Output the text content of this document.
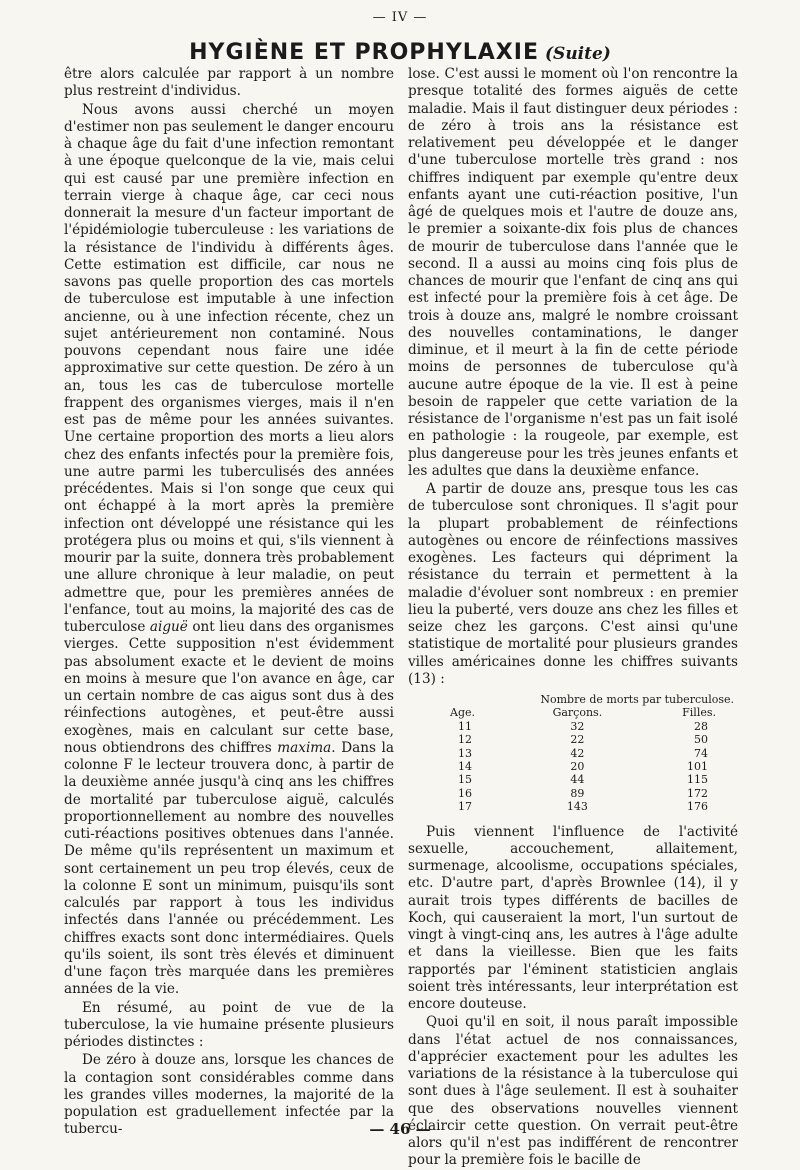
— IV —
HYGIÈNE ET PROPHYLAXIE (Suite)

être alors calculée par rapport à un nombre plus restreint d'individus.

Nous avons aussi cherché un moyen d'estimer non pas seulement le danger encouru à chaque âge du fait d'une infection remontant à une époque quelconque de la vie, mais celui qui est causé par une première infection en terrain vierge à chaque âge, car ceci nous donnerait la mesure d'un facteur important de l'épidémiologie tuberculeuse : les variations de la résistance de l'individu à différents âges. Cette estimation est difficile, car nous ne savons pas quelle proportion des cas mortels de tuberculose est imputable à une infection ancienne, ou à une infection récente, chez un sujet antérieurement non contaminé. Nous pouvons cependant nous faire une idée approximative sur cette question. De zéro à un an, tous les cas de tuberculose mortelle frappent des organismes vierges, mais il n'en est pas de même pour les années suivantes. Une certaine proportion des morts a lieu alors chez des enfants infectés pour la première fois, une autre parmi les tuberculisés des années précédentes. Mais si l'on songe que ceux qui ont échappé à la mort après la première infection ont développé une résistance qui les protégera plus ou moins et qui, s'ils viennent à mourir par la suite, donnera très probablement une allure chronique à leur maladie, on peut admettre que, pour les premières années de l'enfance, tout au moins, la majorité des cas de tuberculose aiguë ont lieu dans des organismes vierges. Cette supposition n'est évidemment pas absolument exacte et le devient de moins en moins à mesure que l'on avance en âge, car un certain nombre de cas aigus sont dus à des réinfections autogènes, et peut-être aussi exogènes, mais en calculant sur cette base, nous obtiendrons des chiffres maxima. Dans la colonne F le lecteur trouvera donc, à partir de la deuxième année jusqu'à cinq ans les chiffres de mortalité par tuberculose aiguë, calculés proportionnellement au nombre des nouvelles cuti-réactions positives obtenues dans l'année. De même qu'ils représentent un maximum et sont certainement un peu trop élevés, ceux de la colonne E sont un minimum, puisqu'ils sont calculés par rapport à tous les individus infectés dans l'année ou précédemment. Les chiffres exacts sont donc intermédiaires. Quels qu'ils soient, ils sont très élevés et diminuent d'une façon très marquée dans les premières années de la vie.

En résumé, au point de vue de la tuberculose, la vie humaine présente plusieurs périodes distinctes :

De zéro à douze ans, lorsque les chances de la contagion sont considérables comme dans les grandes villes modernes, la majorité de la population est graduellement infectée par la tubercu-

lose. C'est aussi le moment où l'on rencontre la presque totalité des formes aiguës de cette maladie. Mais il faut distinguer deux périodes : de zéro à trois ans la résistance est relativement peu développée et le danger d'une tuberculose mortelle très grand : nos chiffres indiquent par exemple qu'entre deux enfants ayant une cuti-réaction positive, l'un âgé de quelques mois et l'autre de douze ans, le premier a soixante-dix fois plus de chances de mourir de tuberculose dans l'année que le second. Il a aussi au moins cinq fois plus de chances de mourir que l'enfant de cinq ans qui est infecté pour la première fois à cet âge. De trois à douze ans, malgré le nombre croissant des nouvelles contaminations, le danger diminue, et il meurt à la fin de cette période moins de personnes de tuberculose qu'à aucune autre époque de la vie. Il est à peine besoin de rappeler que cette variation de la résistance de l'organisme n'est pas un fait isolé en pathologie : la rougeole, par exemple, est plus dangereuse pour les très jeunes enfants et les adultes que dans la deuxième enfance.

A partir de douze ans, presque tous les cas de tuberculose sont chroniques. Il s'agit pour la plupart probablement de réinfections autogènes ou encore de réinfections massives exogènes. Les facteurs qui dépriment la résistance du terrain et permettent à la maladie d'évoluer sont nombreux : en premier lieu la puberté, vers douze ans chez les filles et seize chez les garçons. C'est ainsi qu'une statistique de mortalité pour plusieurs grandes villes américaines donne les chiffres suivants (13) :

Nombre de morts par tuberculose.		
Age.	Garçons.	Filles.
11	32	28
12	22	50
13	42	74
14	20	101
15	44	115
16	89	172
17	143	176

Puis viennent l'influence de l'activité sexuelle, accouchement, allaitement, surmenage, alcoolisme, occupations spéciales, etc. D'autre part, d'après Brownlee (14), il y aurait trois types différents de bacilles de Koch, qui causeraient la mort, l'un surtout de vingt à vingt-cinq ans, les autres à l'âge adulte et dans la vieillesse. Bien que les faits rapportés par l'éminent statisticien anglais soient très intéressants, leur interprétation est encore douteuse.

Quoi qu'il en soit, il nous paraît impossible dans l'état actuel de nos connaissances, d'apprécier exactement pour les adultes les variations de la résistance à la tuberculose qui sont dues à l'âge seulement. Il est à souhaiter que des observations nouvelles viennent éclaircir cette question. On verrait peut-être alors qu'il n'est pas indifférent de rencontrer pour la première fois le bacille de

— 46 —
